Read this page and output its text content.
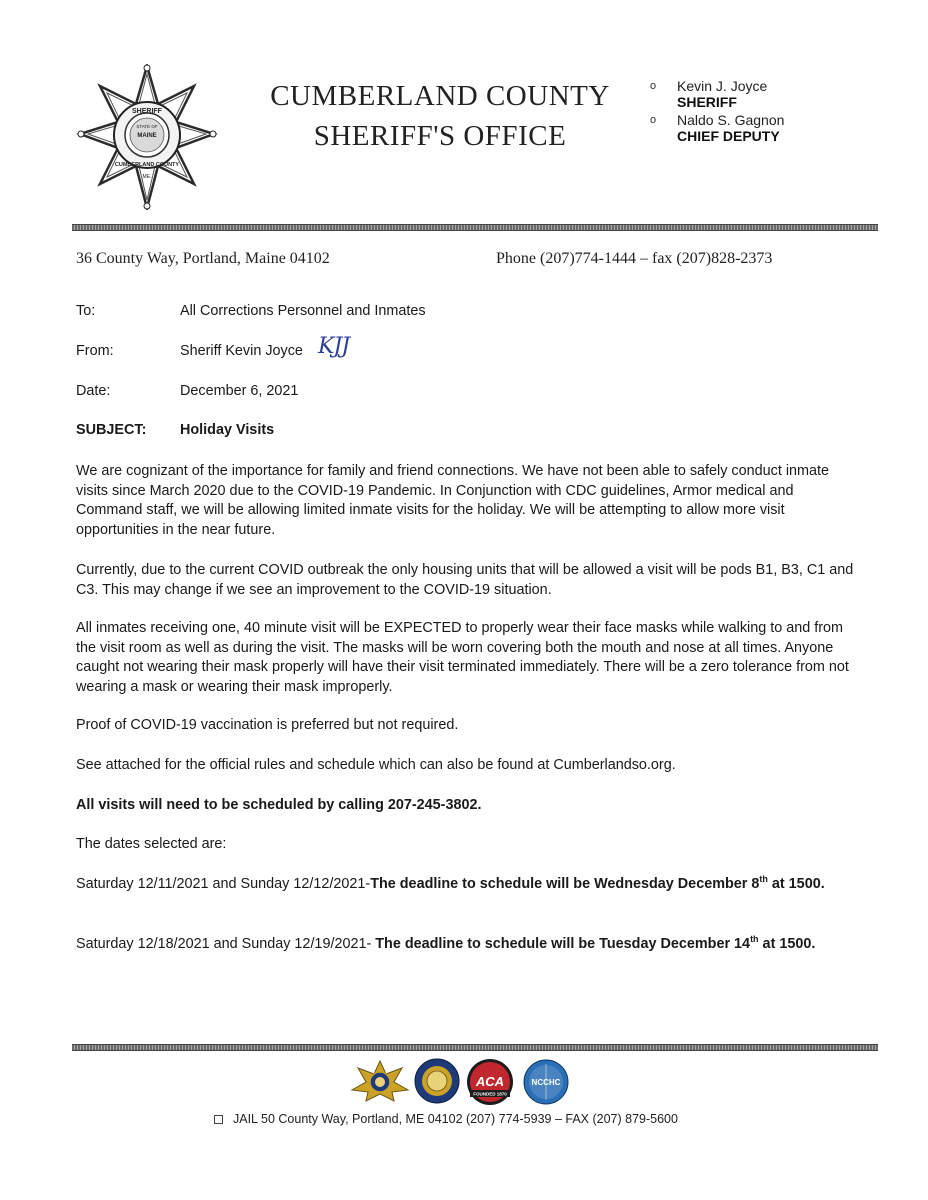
SHERIFF
CUMBERLAND COUNTY
STATE OF
MAINE
ME.
CUMBERLAND COUNTY
SHERIFF'S OFFICE
o Kevin J. Joyce
SHERIFF
o Naldo S. Gagnon
CHIEF DEPUTY
36 County Way, Portland, Maine 04102	Phone (207)774-1444 – fax (207)828-2373
To:	All Corrections Personnel and Inmates
From:	Sheriff Kevin Joyce KJJ
Date:	December 6, 2021
SUBJECT: Holiday Visits
We are cognizant of the importance for family and friend connections. We have not been able to safely conduct inmate visits since March 2020 due to the COVID-19 Pandemic. In Conjunction with CDC guidelines, Armor medical and Command staff, we will be allowing limited inmate visits for the holiday. We will be attempting to allow more visit opportunities in the near future.
Currently, due to the current COVID outbreak the only housing units that will be allowed a visit will be pods B1, B3, C1 and C3. This may change if we see an improvement to the COVID-19 situation.
All inmates receiving one, 40 minute visit will be EXPECTED to properly wear their face masks while walking to and from the visit room as well as during the visit. The masks will be worn covering both the mouth and nose at all times. Anyone caught not wearing their mask properly will have their visit terminated immediately. There will be a zero tolerance from not wearing a mask or wearing their mask improperly.
Proof of COVID-19 vaccination is preferred but not required.
See attached for the official rules and schedule which can also be found at Cumberlandso.org.
All visits will need to be scheduled by calling 207-245-3802.
The dates selected are:
Saturday 12/11/2021 and Sunday 12/12/2021-The deadline to schedule will be Wednesday December 8th at 1500.
Saturday 12/18/2021 and Sunday 12/19/2021- The deadline to schedule will be Tuesday December 14th at 1500.
ACA
FOUNDED 1870
NCCHC
JAIL 50 County Way, Portland, ME 04102 (207) 774-5939 – FAX (207) 879-5600
